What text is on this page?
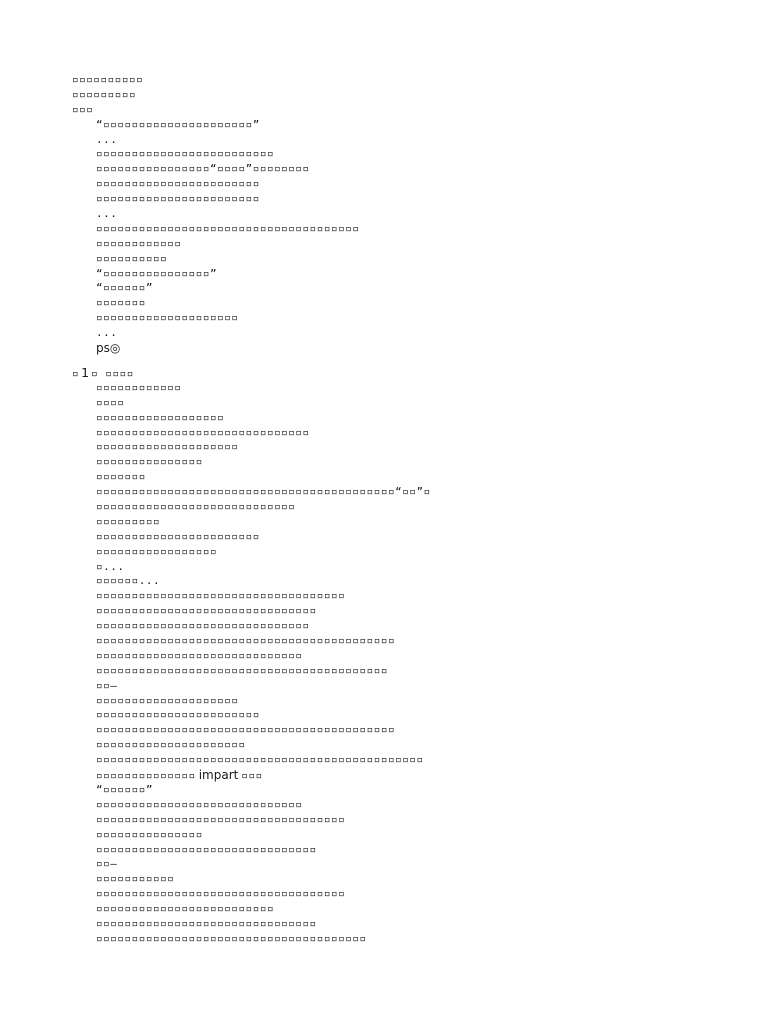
▫▫▫▫▫▫▫▫▫▫
▫▫▫▫▫▫▫▫▫
▫▫▫
“▫▫▫▫▫▫▫▫▫▫▫▫▫▫▫▫▫▫▫▫▫”
...
▫▫▫▫▫▫▫▫▫▫▫▫▫▫▫▫▫▫▫▫▫▫▫▫▫
▫▫▫▫▫▫▫▫▫▫▫▫▫▫▫▫“▫▫▫▫”▫▫▫▫▫▫▫▫
▫▫▫▫▫▫▫▫▫▫▫▫▫▫▫▫▫▫▫▫▫▫▫
▫▫▫▫▫▫▫▫▫▫▫▫▫▫▫▫▫▫▫▫▫▫▫
...
▫▫▫▫▫▫▫▫▫▫▫▫▫▫▫▫▫▫▫▫▫▫▫▫▫▫▫▫▫▫▫▫▫▫▫▫▫
▫▫▫▫▫▫▫▫▫▫▫▫
▫▫▫▫▫▫▫▫▫▫
“▫▫▫▫▫▫▫▫▫▫▫▫▫▫▫”
“▫▫▫▫▫▫”
▫▫▫▫▫▫▫
▫▫▫▫▫▫▫▫▫▫▫▫▫▫▫▫▫▫▫▫
...
ps◎
▫ 1 ▫ ▫▫▫▫
▫▫▫▫▫▫▫▫▫▫▫▫
▫▫▫▫
▫▫▫▫▫▫▫▫▫▫▫▫▫▫▫▫▫▫
▫▫▫▫▫▫▫▫▫▫▫▫▫▫▫▫▫▫▫▫▫▫▫▫▫▫▫▫▫▫
▫▫▫▫▫▫▫▫▫▫▫▫▫▫▫▫▫▫▫▫
▫▫▫▫▫▫▫▫▫▫▫▫▫▫▫
▫▫▫▫▫▫▫
▫▫▫▫▫▫▫▫▫▫▫▫▫▫▫▫▫▫▫▫▫▫▫▫▫▫▫▫▫▫▫▫▫▫▫▫▫▫▫▫▫▫“▫▫”▫
▫▫▫▫▫▫▫▫▫▫▫▫▫▫▫▫▫▫▫▫▫▫▫▫▫▫▫▫
▫▫▫▫▫▫▫▫▫
▫▫▫▫▫▫▫▫▫▫▫▫▫▫▫▫▫▫▫▫▫▫▫
▫▫▫▫▫▫▫▫▫▫▫▫▫▫▫▫▫
▫...
▫▫▫▫▫▫...
▫▫▫▫▫▫▫▫▫▫▫▫▫▫▫▫▫▫▫▫▫▫▫▫▫▫▫▫▫▫▫▫▫▫▫
▫▫▫▫▫▫▫▫▫▫▫▫▫▫▫▫▫▫▫▫▫▫▫▫▫▫▫▫▫▫▫
▫▫▫▫▫▫▫▫▫▫▫▫▫▫▫▫▫▫▫▫▫▫▫▫▫▫▫▫▫▫
▫▫▫▫▫▫▫▫▫▫▫▫▫▫▫▫▫▫▫▫▫▫▫▫▫▫▫▫▫▫▫▫▫▫▫▫▫▫▫▫▫▫
▫▫▫▫▫▫▫▫▫▫▫▫▫▫▫▫▫▫▫▫▫▫▫▫▫▫▫▫▫
▫▫▫▫▫▫▫▫▫▫▫▫▫▫▫▫▫▫▫▫▫▫▫▫▫▫▫▫▫▫▫▫▫▫▫▫▫▫▫▫▫
▫▫—
▫▫▫▫▫▫▫▫▫▫▫▫▫▫▫▫▫▫▫▫
▫▫▫▫▫▫▫▫▫▫▫▫▫▫▫▫▫▫▫▫▫▫▫
▫▫▫▫▫▫▫▫▫▫▫▫▫▫▫▫▫▫▫▫▫▫▫▫▫▫▫▫▫▫▫▫▫▫▫▫▫▫▫▫▫▫
▫▫▫▫▫▫▫▫▫▫▫▫▫▫▫▫▫▫▫▫▫
▫▫▫▫▫▫▫▫▫▫▫▫▫▫▫▫▫▫▫▫▫▫▫▫▫▫▫▫▫▫▫▫▫▫▫▫▫▫▫▫▫▫▫▫▫▫
▫▫▫▫▫▫▫▫▫▫▫▫▫▫ impart ▫▫▫
“▫▫▫▫▫▫”
▫▫▫▫▫▫▫▫▫▫▫▫▫▫▫▫▫▫▫▫▫▫▫▫▫▫▫▫▫
▫▫▫▫▫▫▫▫▫▫▫▫▫▫▫▫▫▫▫▫▫▫▫▫▫▫▫▫▫▫▫▫▫▫▫
▫▫▫▫▫▫▫▫▫▫▫▫▫▫▫
▫▫▫▫▫▫▫▫▫▫▫▫▫▫▫▫▫▫▫▫▫▫▫▫▫▫▫▫▫▫▫
▫▫—
▫▫▫▫▫▫▫▫▫▫▫
▫▫▫▫▫▫▫▫▫▫▫▫▫▫▫▫▫▫▫▫▫▫▫▫▫▫▫▫▫▫▫▫▫▫▫
▫▫▫▫▫▫▫▫▫▫▫▫▫▫▫▫▫▫▫▫▫▫▫▫▫
▫▫▫▫▫▫▫▫▫▫▫▫▫▫▫▫▫▫▫▫▫▫▫▫▫▫▫▫▫▫▫
▫▫▫▫▫▫▫▫▫▫▫▫▫▫▫▫▫▫▫▫▫▫▫▫▫▫▫▫▫▫▫▫▫▫▫▫▫▫
